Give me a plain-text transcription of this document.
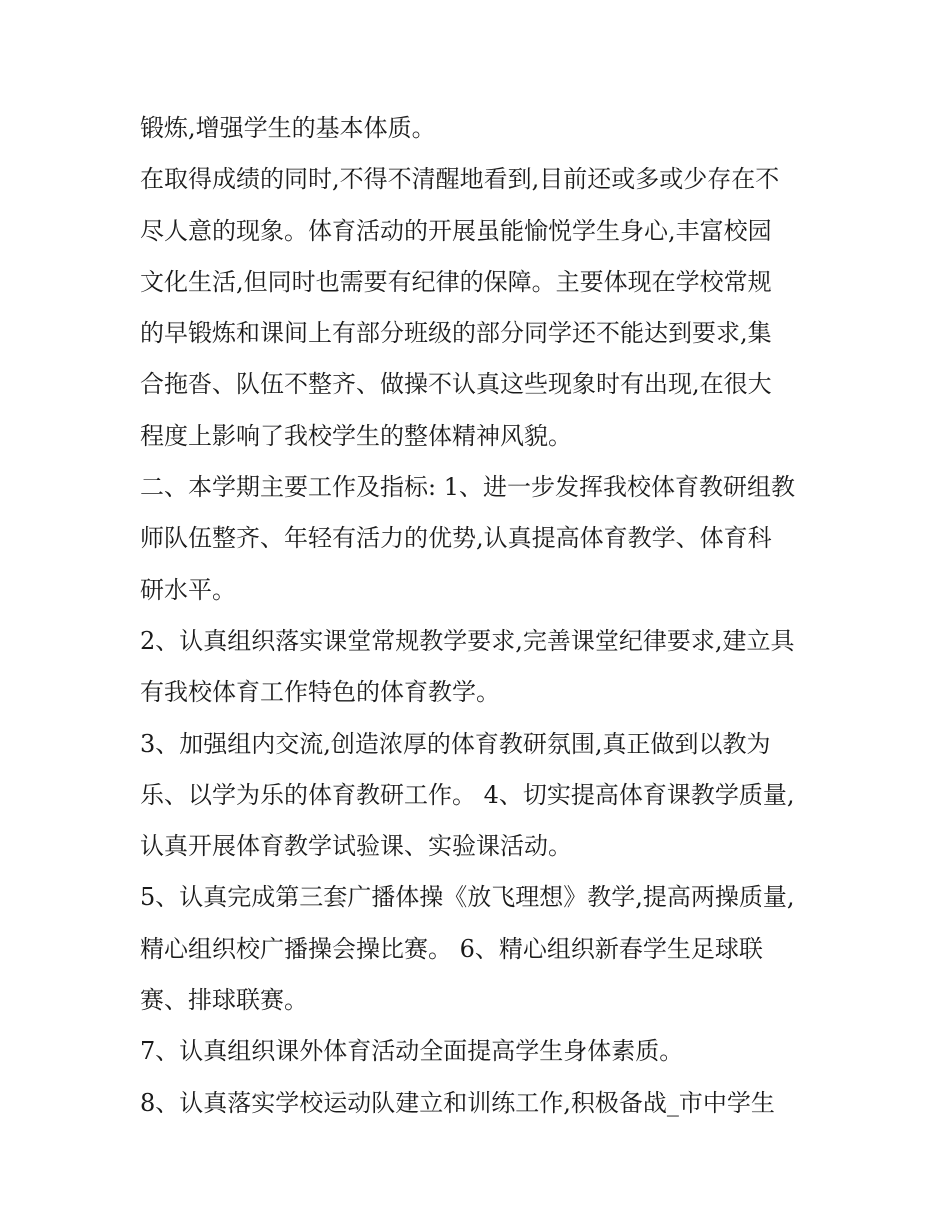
锻炼,增强学生的基本体质。
在取得成绩的同时,不得不清醒地看到,目前还或多或少存在不
尽人意的现象。体育活动的开展虽能愉悦学生身心,丰富校园
文化生活,但同时也需要有纪律的保障。主要体现在学校常规
的早锻炼和课间上有部分班级的部分同学还不能达到要求,集
合拖沓、队伍不整齐、做操不认真这些现象时有出现,在很大
程度上影响了我校学生的整体精神风貌。
二、本学期主要工作及指标: 1、进一步发挥我校体育教研组教
师队伍整齐、年轻有活力的优势,认真提高体育教学、体育科
研水平。
2、认真组织落实课堂常规教学要求,完善课堂纪律要求,建立具
有我校体育工作特色的体育教学。
3、加强组内交流,创造浓厚的体育教研氛围,真正做到以教为
乐、以学为乐的体育教研工作。 4、切实提高体育课教学质量,
认真开展体育教学试验课、实验课活动。
5、认真完成第三套广播体操《放飞理想》教学,提高两操质量,
精心组织校广播操会操比赛。 6、精心组织新春学生足球联
赛、排球联赛。
7、认真组织课外体育活动全面提高学生身体素质。
8、认真落实学校运动队建立和训练工作,积极备战_市中学生
